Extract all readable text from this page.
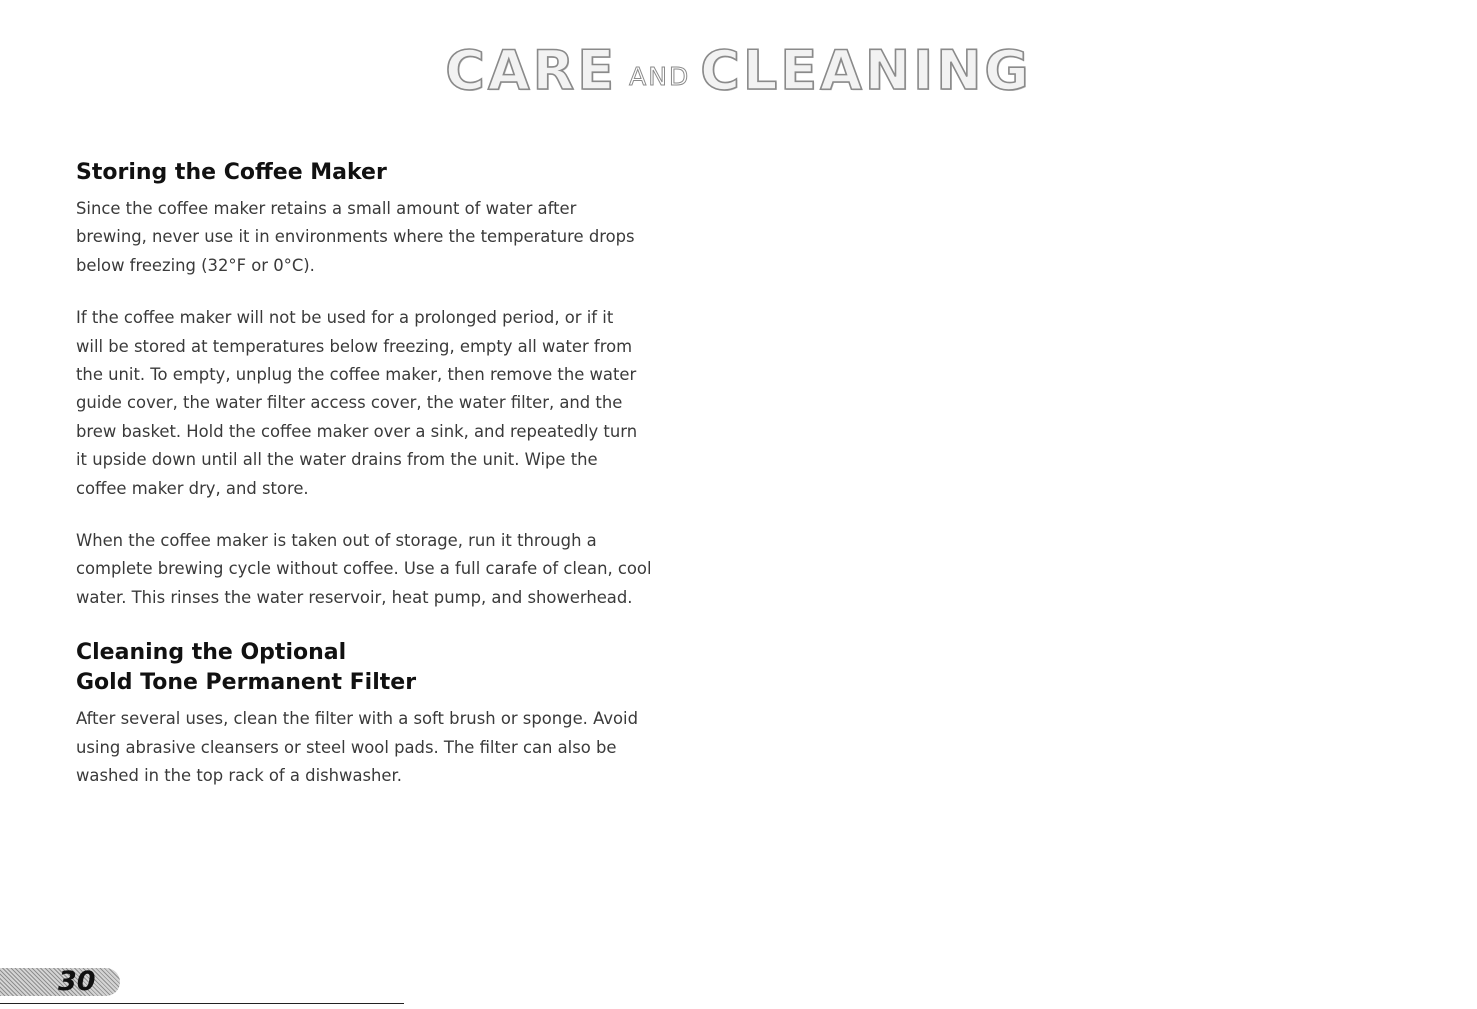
CARE AND CLEANING
Storing the Coffee Maker

Since the coffee maker retains a small amount of water after
brewing, never use it in environments where the temperature drops
below freezing (32°F or 0°C).

If the coffee maker will not be used for a prolonged period, or if it
will be stored at temperatures below freezing, empty all water from
the unit. To empty, unplug the coffee maker, then remove the water
guide cover, the water filter access cover, the water filter, and the
brew basket. Hold the coffee maker over a sink, and repeatedly turn
it upside down until all the water drains from the unit. Wipe the
coffee maker dry, and store.

When the coffee maker is taken out of storage, run it through a
complete brewing cycle without coffee. Use a full carafe of clean, cool
water. This rinses the water reservoir, heat pump, and showerhead.

Cleaning the Optional
Gold Tone Permanent Filter

After several uses, clean the filter with a soft brush or sponge. Avoid
using abrasive cleansers or steel wool pads. The filter can also be
washed in the top rack of a dishwasher.

30
